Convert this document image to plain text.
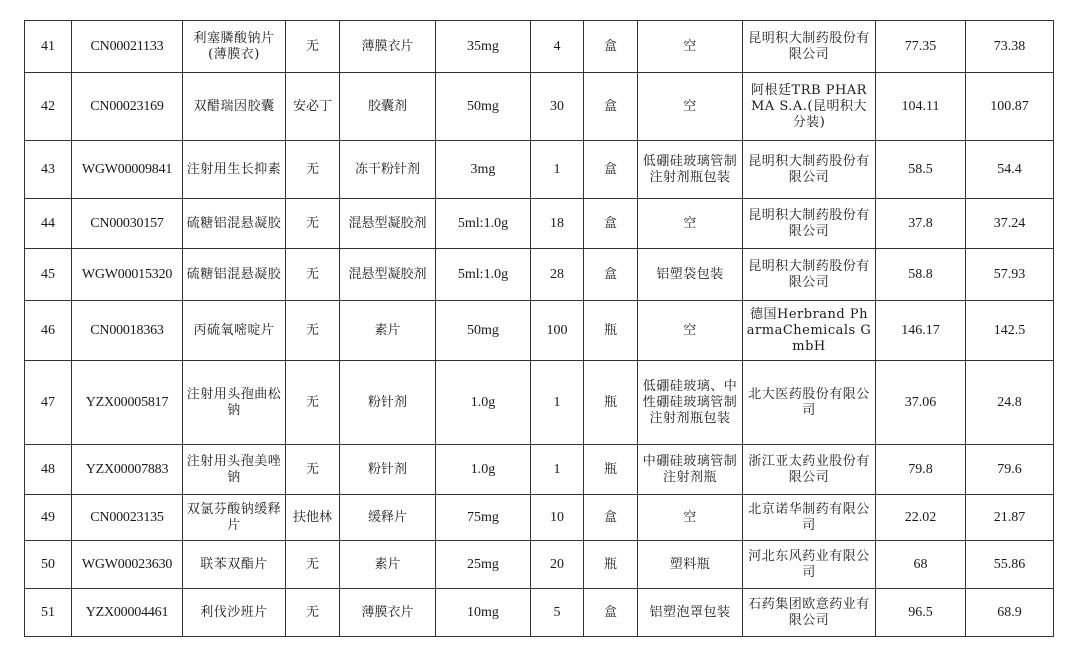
41	CN00021133	利塞膦酸钠片(薄膜衣)	无	薄膜衣片	35mg	4	盒	空	昆明积大制药股份有限公司	77.35	73.38
42	CN00023169	双醋瑞因胶囊	安必丁	胶囊剂	50mg	30	盒	空	阿根廷TRB PHARMA S.A.(昆明积大分装)	104.11	100.87
43	WGW00009841	注射用生长抑素	无	冻干粉针剂	3mg	1	盒	低硼硅玻璃管制注射剂瓶包装	昆明积大制药股份有限公司	58.5	54.4
44	CN00030157	硫糖铝混悬凝胶	无	混悬型凝胶剂	5ml:1.0g	18	盒	空	昆明积大制药股份有限公司	37.8	37.24
45	WGW00015320	硫糖铝混悬凝胶	无	混悬型凝胶剂	5ml:1.0g	28	盒	铝塑袋包装	昆明积大制药股份有限公司	58.8	57.93
46	CN00018363	丙硫氧嘧啶片	无	素片	50mg	100	瓶	空	德国Herbrand PharmaChemicals GmbH	146.17	142.5
47	YZX00005817	注射用头孢曲松钠	无	粉针剂	1.0g	1	瓶	低硼硅玻璃、中性硼硅玻璃管制注射剂瓶包装	北大医药股份有限公司	37.06	24.8
48	YZX00007883	注射用头孢美唑钠	无	粉针剂	1.0g	1	瓶	中硼硅玻璃管制注射剂瓶	浙江亚太药业股份有限公司	79.8	79.6
49	CN00023135	双氯芬酸钠缓释片	扶他林	缓释片	75mg	10	盒	空	北京诺华制药有限公司	22.02	21.87
50	WGW00023630	联苯双酯片	无	素片	25mg	20	瓶	塑料瓶	河北东风药业有限公司	68	55.86
51	YZX00004461	利伐沙班片	无	薄膜衣片	10mg	5	盒	铝塑泡罩包装	石药集团欧意药业有限公司	96.5	68.9
